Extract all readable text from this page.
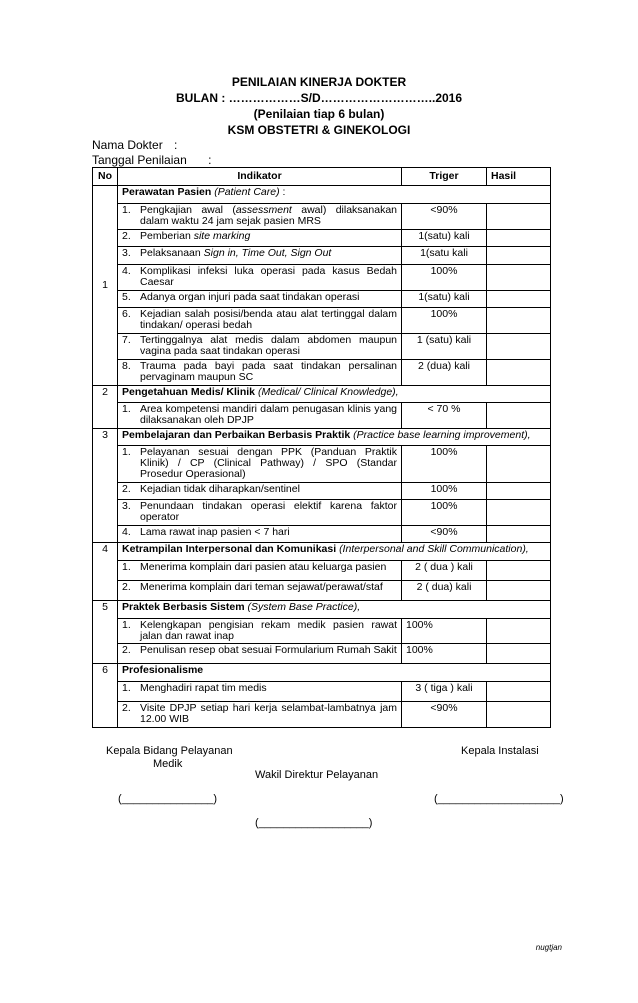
PENILAIAN KINERJA DOKTER
BULAN : ………………S/D………………………..2016
(Penilaian tiap 6 bulan)
KSM OBSTETRI & GINEKOLOGI
Nama Dokter :
Tanggal Penilaian :
No	Indikator	Triger	Hasil
1	Perawatan Pasien (Patient Care) :		

	1. Pengkajian awal (assessment awal) dilaksanakan dalam waktu 24 jam sejak pasien MRS	<90%	

	2. Pemberian site marking	1(satu) kali	

	3. Pelaksanaan Sign in, Time Out, Sign Out	1(satu kali	

	4. Komplikasi infeksi luka operasi pada kasus Bedah Caesar	100%	

	5. Adanya organ injuri pada saat tindakan operasi	1(satu) kali	

	6. Kejadian salah posisi/benda atau alat tertinggal dalam tindakan/ operasi bedah	100%	

	7. Tertinggalnya alat medis dalam abdomen maupun vagina pada saat tindakan operasi	1 (satu) kali	

	8. Trauma pada bayi pada saat tindakan persalinan pervaginam maupun SC	2 (dua) kali	
2	Pengetahuan Medis/ Klinik (Medical/ Clinical Knowledge),		

	1. Area kompetensi mandiri dalam penugasan klinis yang dilaksanakan oleh DPJP	< 70 %	
3	Pembelajaran dan Perbaikan Berbasis Praktik (Practice base learning improvement),		

	1. Pelayanan sesuai dengan PPK (Panduan Praktik Klinik) / CP (Clinical Pathway) / SPO (Standar Prosedur Operasional)	100%	

	2. Kejadian tidak diharapkan/sentinel	100%	

	3. Penundaan tindakan operasi elektif karena faktor operator	100%	

	4. Lama rawat inap pasien < 7 hari	<90%	
4	Ketrampilan Interpersonal dan Komunikasi (Interpersonal and Skill Communication),		

	1. Menerima komplain dari pasien atau keluarga pasien	2 ( dua ) kali	

	2. Menerima komplain dari teman sejawat/perawat/staf	2 ( dua) kali	
5	Praktek Berbasis Sistem (System Base Practice),		

	1. Kelengkapan pengisian rekam medik pasien rawat jalan dan rawat inap	100%	

	2. Penulisan resep obat sesuai Formularium Rumah Sakit	100%	
6	Profesionalisme		

	1. Menghadiri rapat tim medis	3 ( tiga ) kali	

	2. Visite DPJP setiap hari kerja selambat-lambatnya jam 12.00 WIB	<90%	
Kepala Bidang Pelayanan
Medik
Kepala Instalasi
Wakil Direktur Pelayanan
(_______________)	(____________________)
(__________________)
nugtjan
